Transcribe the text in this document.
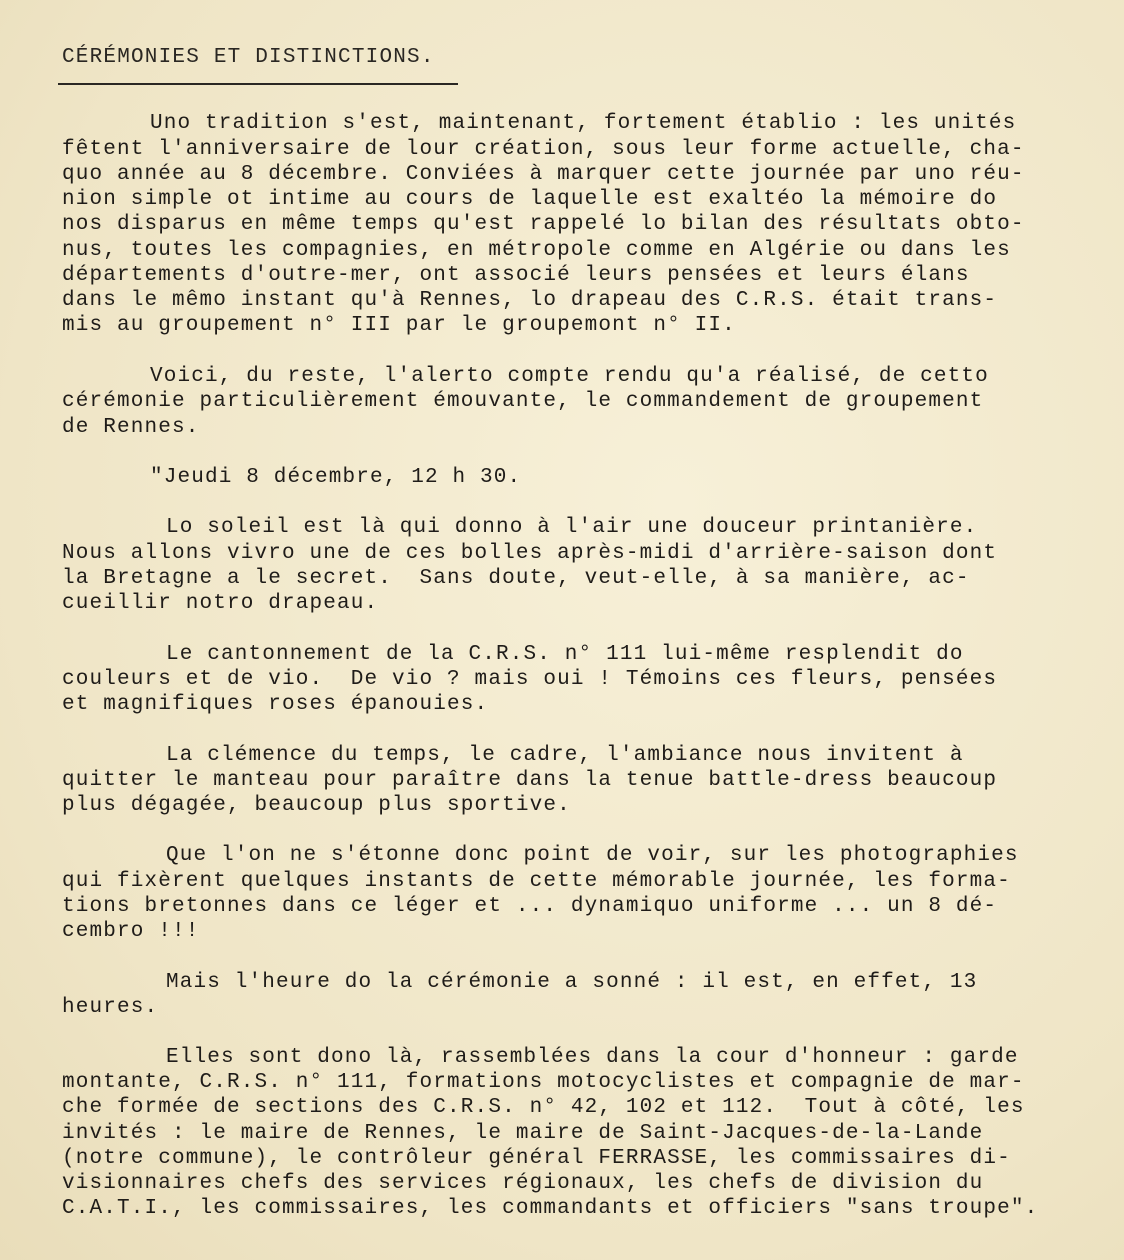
CÉRÉMONIES ET DISTINCTIONS.
Uno tradition s'est, maintenant, fortement établio : les unités
fêtent l'anniversaire de lour création, sous leur forme actuelle, cha-
quo année au 8 décembre. Conviées à marquer cette journée par uno réu-
nion simple ot intime au cours de laquelle est exaltéo la mémoire do
nos disparus en même temps qu'est rappelé lo bilan des résultats obto-
nus, toutes les compagnies, en métropole comme en Algérie ou dans les
départements d'outre-mer, ont associé leurs pensées et leurs élans
dans le mêmo instant qu'à Rennes, lo drapeau des C.R.S. était trans-
mis au groupement n° III par le groupemont n° II.
Voici, du reste, l'alerto compte rendu qu'a réalisé, de cetto
cérémonie particulièrement émouvante, le commandement de groupement
de Rennes.
"Jeudi 8 décembre, 12 h 30.
Lo soleil est là qui donno à l'air une douceur printanière.
Nous allons vivro une de ces bolles après-midi d'arrière-saison dont
la Bretagne a le secret.  Sans doute, veut-elle, à sa manière, ac-
cueillir notro drapeau.
Le cantonnement de la C.R.S. n° 111 lui-même resplendit do
couleurs et de vio.  De vio ? mais oui ! Témoins ces fleurs, pensées
et magnifiques roses épanouies.
La clémence du temps, le cadre, l'ambiance nous invitent à
quitter le manteau pour paraître dans la tenue battle-dress beaucoup
plus dégagée, beaucoup plus sportive.
Que l'on ne s'étonne donc point de voir, sur les photographies
qui fixèrent quelques instants de cette mémorable journée, les forma-
tions bretonnes dans ce léger et ... dynamiquo uniforme ... un 8 dé-
cembro !!!
Mais l'heure do la cérémonie a sonné : il est, en effet, 13
heures.
Elles sont dono là, rassemblées dans la cour d'honneur : garde
montante, C.R.S. n° 111, formations motocyclistes et compagnie de mar-
che formée de sections des C.R.S. n° 42, 102 et 112.  Tout à côté, les
invités : le maire de Rennes, le maire de Saint-Jacques-de-la-Lande
(notre commune), le contrôleur général FERRASSE, les commissaires di-
visionnaires chefs des services régionaux, les chefs de division du
C.A.T.I., les commissaires, les commandants et officiers "sans troupe".
